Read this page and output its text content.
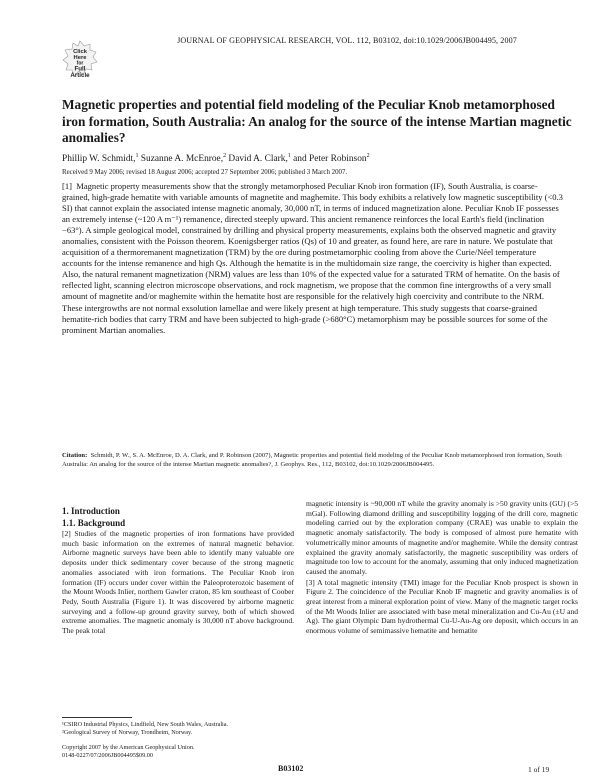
Click
Here
for
Full
Article
JOURNAL OF GEOPHYSICAL RESEARCH, VOL. 112, B03102, doi:10.1029/2006JB004495, 2007
Magnetic properties and potential field modeling of the Peculiar Knob metamorphosed iron formation, South Australia: An analog for the source of the intense Martian magnetic anomalies?
Phillip W. Schmidt,$^1$ Suzanne A. McEnroe,$^2$ David A. Clark,$^1$ and Peter Robinson$^2$
Received 9 May 2006; revised 18 August 2006; accepted 27 September 2006; published 3 March 2007.
[1] Magnetic property measurements show that the strongly metamorphosed Peculiar Knob iron formation (IF), South Australia, is coarse-grained, high-grade hematite with variable amounts of magnetite and maghemite. This body exhibits a relatively low magnetic susceptibility (<0.3 SI) that cannot explain the associated intense magnetic anomaly, 30,000 nT, in terms of induced magnetization alone. Peculiar Knob IF possesses an extremely intense (~120 A m⁻¹) remanence, directed steeply upward. This ancient remanence reinforces the local Earth's field (inclination −63°). A simple geological model, constrained by drilling and physical property measurements, explains both the observed magnetic and gravity anomalies, consistent with the Poisson theorem. Koenigsberger ratios (Qs) of 10 and greater, as found here, are rare in nature. We postulate that acquisition of a thermoremanent magnetization (TRM) by the ore during postmetamorphic cooling from above the Curie/Néel temperature accounts for the intense remanence and high Qs. Although the hematite is in the multidomain size range, the coercivity is higher than expected. Also, the natural remanent magnetization (NRM) values are less than 10% of the expected value for a saturated TRM of hematite. On the basis of reflected light, scanning electron microscope observations, and rock magnetism, we propose that the common fine intergrowths of a very small amount of magnetite and/or maghemite within the hematite host are responsible for the relatively high coercivity and contribute to the NRM. These intergrowths are not normal exsolution lamellae and were likely present at high temperature. This study suggests that coarse-grained hematite-rich bodies that carry TRM and have been subjected to high-grade (>680°C) metamorphism may be possible sources for some of the prominent Martian anomalies.
Citation: Schmidt, P. W., S. A. McEnroe, D. A. Clark, and P. Robinson (2007), Magnetic properties and potential field modeling of the Peculiar Knob metamorphosed iron formation, South Australia: An analog for the source of the intense Martian magnetic anomalies?, J. Geophys. Res., 112, B03102, doi:10.1029/2006JB004495.
1. Introduction
1.1. Background
[2] Studies of the magnetic properties of iron formations have provided much basic information on the extremes of natural magnetic behavior. Airborne magnetic surveys have been able to identify many valuable ore deposits under thick sedimentary cover because of the strong magnetic anomalies associated with iron formations. The Peculiar Knob iron formation (IF) occurs under cover within the Paleoproterozoic basement of the Mount Woods Inlier, northern Gawler craton, 85 km southeast of Coober Pedy, South Australia (Figure 1). It was discovered by airborne magnetic surveying and a follow-up ground gravity survey, both of which showed extreme anomalies. The magnetic anomaly is 30,000 nT above background. The peak total
magnetic intensity is ~90,000 nT while the gravity anomaly is >50 gravity units (GU) (>5 mGal). Following diamond drilling and susceptibility logging of the drill core, magnetic modeling carried out by the exploration company (CRAE) was unable to explain the magnetic anomaly satisfactorily. The body is composed of almost pure hematite with volumetrically minor amounts of magnetite and/or maghemite. While the density contrast explained the gravity anomaly satisfactorily, the magnetic susceptibility was orders of magnitude too low to account for the anomaly, assuming that only induced magnetization caused the anomaly.
[3] A total magnetic intensity (TMI) image for the Peculiar Knob prospect is shown in Figure 2. The coincidence of the Peculiar Knob IF magnetic and gravity anomalies is of great interest from a mineral exploration point of view. Many of the magnetic target rocks of the Mt Woods Inlier are associated with base metal mineralization and Cu-Au (±U and Ag). The giant Olympic Dam hydrothermal Cu-U-Au-Ag ore deposit, which occurs in an enormous volume of semimassive hematite and hematite
¹CSIRO Industrial Physics, Lindfield, New South Wales, Australia.
²Geological Survey of Norway, Trondheim, Norway.
Copyright 2007 by the American Geophysical Union.
0148-0227/07/2006JB004495$09.00
B03102	1 of 19
